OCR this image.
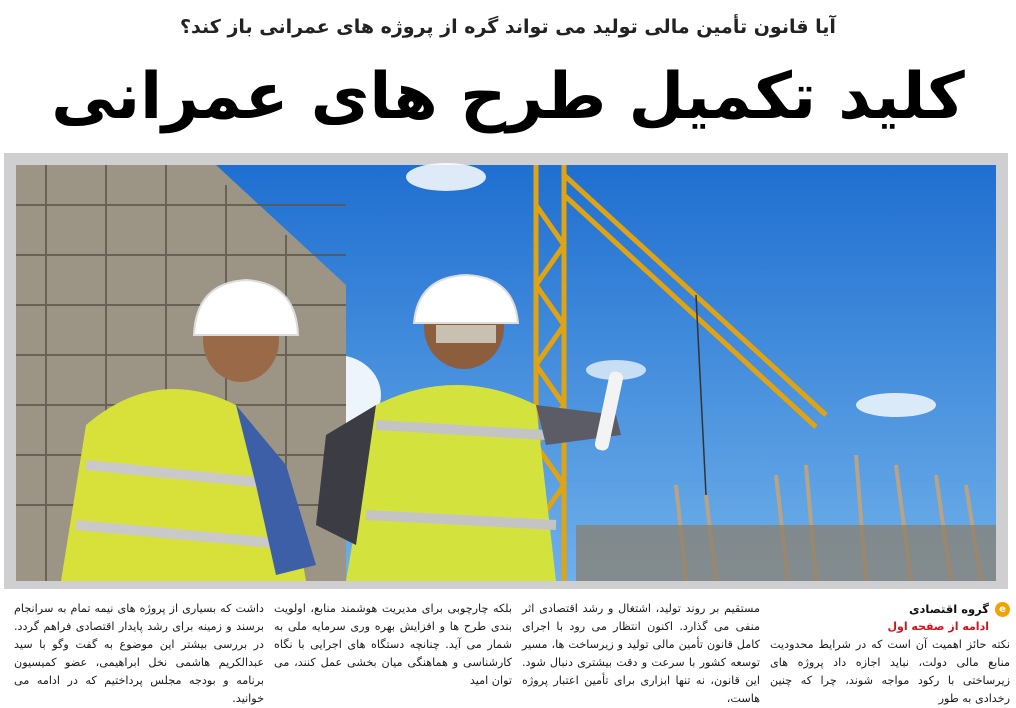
آیا قانون تأمین مالی تولید می تواند گره از پروژه های عمرانی باز کند؟
کلید تکمیل طرح های عمرانی
e
گروه اقتصادی
ادامه از صفحه اول

نکته حائز اهمیت آن است که در شرایط محدودیت منابع مالی دولت، نباید اجازه داد پروژه های زیرساختی با رکود مواجه شوند، چرا که چنین رخدادی به طور

مستقیم بر روند تولید، اشتغال و رشد اقتصادی اثر منفی می گذارد. اکنون انتظار می رود با اجرای کامل قانون تأمین مالی تولید و زیرساخت ها، مسیر توسعه کشور با سرعت و دقت بیشتری دنبال شود. این قانون، نه تنها ابزاری برای تأمین اعتبار پروژه هاست،

بلکه چارچوبی برای مدیریت هوشمند منابع، اولویت بندی طرح ها و افزایش بهره وری سرمایه ملی به شمار می آید. چنانچه دستگاه های اجرایی با نگاه کارشناسی و هماهنگی میان بخشی عمل کنند، می توان امید

داشت که بسیاری از پروژه های نیمه تمام به سرانجام برسند و زمینه برای رشد پایدار اقتصادی فراهم گردد. در بررسی بیشتر این موضوع به گفت وگو با سید عبدالکریم هاشمی نخل ابراهیمی، عضو کمیسیون برنامه و بودجه مجلس پرداختیم که در ادامه می خوانید.
